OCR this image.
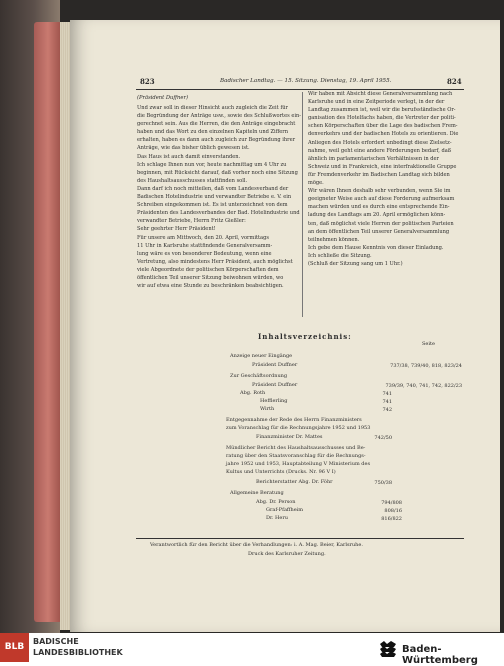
823	Badischer Landtag. — 15. Sitzung. Dienstag, 19. April 1955.	824
(Präsident Duffner)
Und zwar soll in dieser Hinsicht auch zugleich die Zeit für
die Begründung der Anträge usw., sowie des Schlußwortes ein-
gerechnet sein. Aus die Herren, die den Anträge eingebracht
haben und das Wort zu den einzelnen Kapiteln und Ziffern
erhalten, haben es dann auch zugleich zur Begründung ihrer
Anträge, wie das bisher üblich gewesen ist.
Das Haus ist auch damit einverstanden.
Ich schlage Ihnen nun vor, heute nachmittag um 4 Uhr zu
beginnen, mit Rücksicht darauf, daß vorher noch eine Sitzung
des Haushaltsausschusses stattfinden soll.
Dann darf ich noch mitteilen, daß vom Landesverband der
Badischen Hotelindustrie und verwandter Betriebe e. V. ein
Schreiben eingekommen ist. Es ist unterzeichnet von dem
Präsidenten des Landesverbandes der Bad. Hotelindustrie und
verwandter Betriebe, Herrn Fritz Gießler:
Sehr geehrter Herr Präsident!
Für unsere am Mittwoch, den 20. April, vormittags
11 Uhr in Karlsruhe stattfindende Generalversamm-
lung wäre es von besonderer Bedeutung, wenn eine
Vertretung, also mindestens Herr Präsident, auch möglichst
viele Abgeordnete der politischen Körperschaften dem
öffentlichen Teil unserer Sitzung beiwohnen würden, wo
wir auf etwa eine Stunde zu beschränken beabsichtigen.
Wir haben mit Absicht diese Generalversammlung nach
Karlsruhe und in eine Zeitperiode verlegt, in der der
Landtag zusammen ist, weil wir die berufsständische Or-
ganisation des Hotelfachs haben, die Vertreter der politi-
schen Körperschaften über die Lage des badischen Frem-
denverkehrs und der badischen Hotels zu orientieren. Die
Anliegen des Hotels erfordert unbedingt diese Zielsetz-
nahme, weil geht eine andere Förderungen bedarf, daß
ähnlich im parlamentarischen Verhältnissen in der
Schweiz und in Frankreich, eine interfraktionelle Gruppe
für Fremdenverkehr im Badischen Landtag sich bilden
möge.
Wir wären Ihnen deshalb sehr verbunden, wenn Sie im
geeigneter Weise auch auf diese Forderung aufmerksam
machen würden und es durch eine entsprechende Ein-
ladung des Landtags am 20. April ermöglichen könn-
ten, daß möglichst viele Herren der politischen Parteien
an dem öffentlichen Teil unserer Generalversammlung
teilnehmen können.
Ich gebe dem Hause Kenntnis von dieser Einladung.
Ich schließe die Sitzung.
(Schluß der Sitzung sang um 1 Uhr.)
Inhaltsverzeichnis:
Seite
Anzeige neuer Eingänge
Präsident Duffner	737/38, 739/40, 818, 823/24
Zur Geschäftsordnung
Präsident Duffner	739/39, 740, 741, 742, 822/23
Abg. Roth	741
Hefflerling	741
Wirth	742
Entgegennahme der Rede des Herrn Finanzministers
zum Voranschlag für die Rechnungsjahre 1952 und 1953
Finanzminister Dr. Mattes	742/50
Mündlicher Bericht des Haushaltsausschusses und Be-
ratung über den Staatsvoranschlag für die Rechnungs-
jahre 1952 und 1953, Hauptabteilung V Ministerium des
Kultus und Unterrichts (Drucks. Nr. 96 V I)
Berichterstatter Abg. Dr. Föhr	750/38
Allgemeine Beratung
Abg. Dr. Person	794/808
Graf-Pfaffheim	808/16
Dr. Heru	816/822
Verantwortlich für den Bericht über die Verhandlungen: i. A. Mag. Beier, Karlsruhe.
Druck des Karlsruher Zeitung.
BLB
BADISCHE
LANDESBIBLIOTHEK	Baden-Württemberg
